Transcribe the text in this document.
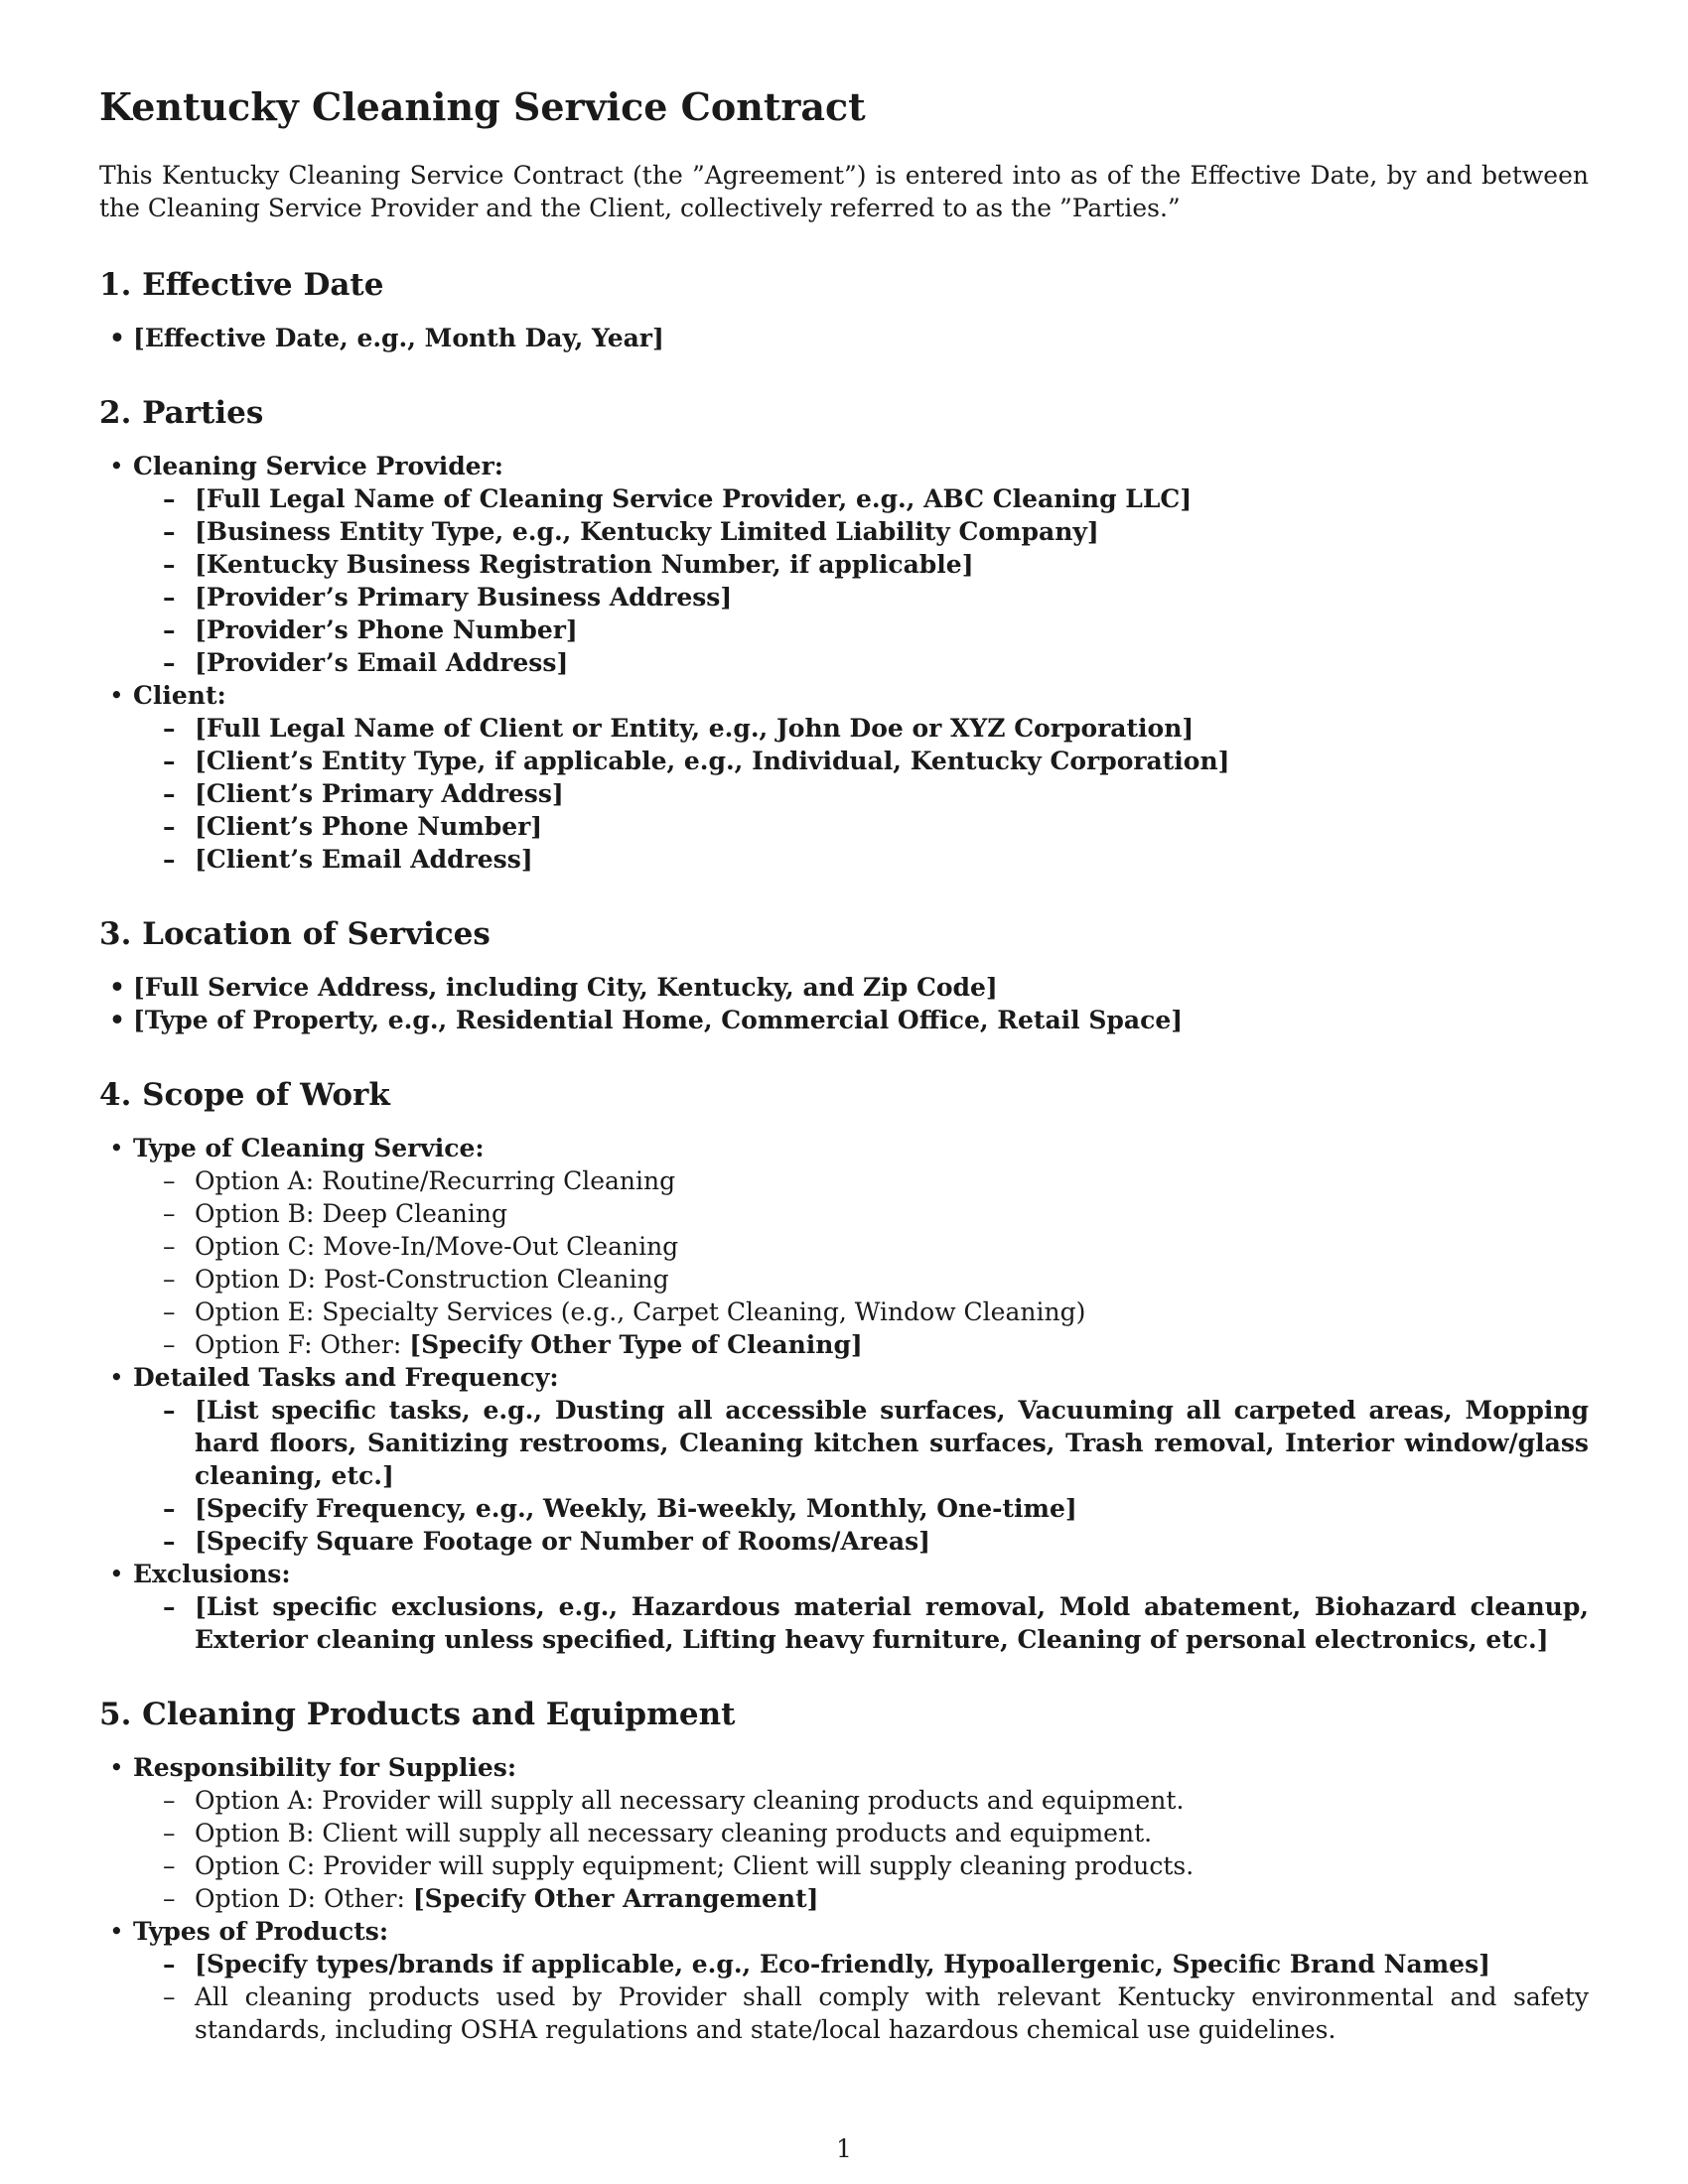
Kentucky Cleaning Service Contract

This Kentucky Cleaning Service Contract (the ”Agreement”) is entered into as of the Effective Date, by and between the Cleaning Service Provider and the Client, collectively referred to as the ”Parties.”

1. Effective Date
• [Effective Date, e.g., Month Day, Year]
2. Parties
• Cleaning Service Provider:
– [Full Legal Name of Cleaning Service Provider, e.g., ABC Cleaning LLC]
– [Business Entity Type, e.g., Kentucky Limited Liability Company]
– [Kentucky Business Registration Number, if applicable]
– [Provider’s Primary Business Address]
– [Provider’s Phone Number]
– [Provider’s Email Address]
• Client:
– [Full Legal Name of Client or Entity, e.g., John Doe or XYZ Corporation]
– [Client’s Entity Type, if applicable, e.g., Individual, Kentucky Corporation]
– [Client’s Primary Address]
– [Client’s Phone Number]
– [Client’s Email Address]
3. Location of Services
• [Full Service Address, including City, Kentucky, and Zip Code]
• [Type of Property, e.g., Residential Home, Commercial Office, Retail Space]
4. Scope of Work
• Type of Cleaning Service:
– Option A: Routine/Recurring Cleaning
– Option B: Deep Cleaning
– Option C: Move-In/Move-Out Cleaning
– Option D: Post-Construction Cleaning
– Option E: Specialty Services (e.g., Carpet Cleaning, Window Cleaning)
– Option F: Other: [Specify Other Type of Cleaning]
• Detailed Tasks and Frequency:
– [List specific tasks, e.g., Dusting all accessible surfaces, Vacuuming all carpeted areas, Mopping hard floors, Sanitizing restrooms, Cleaning kitchen surfaces, Trash removal, Interior window/glass cleaning, etc.]
– [Specify Frequency, e.g., Weekly, Bi-weekly, Monthly, One-time]
– [Specify Square Footage or Number of Rooms/Areas]
• Exclusions:
– [List specific exclusions, e.g., Hazardous material removal, Mold abatement, Biohazard cleanup, Exterior cleaning unless specified, Lifting heavy furniture, Cleaning of personal electronics, etc.]
5. Cleaning Products and Equipment
• Responsibility for Supplies:
– Option A: Provider will supply all necessary cleaning products and equipment.
– Option B: Client will supply all necessary cleaning products and equipment.
– Option C: Provider will supply equipment; Client will supply cleaning products.
– Option D: Other: [Specify Other Arrangement]
• Types of Products:
– [Specify types/brands if applicable, e.g., Eco-friendly, Hypoallergenic, Specific Brand Names]
– All cleaning products used by Provider shall comply with relevant Kentucky environmental and safety standards, including OSHA regulations and state/local hazardous chemical use guidelines.
1
